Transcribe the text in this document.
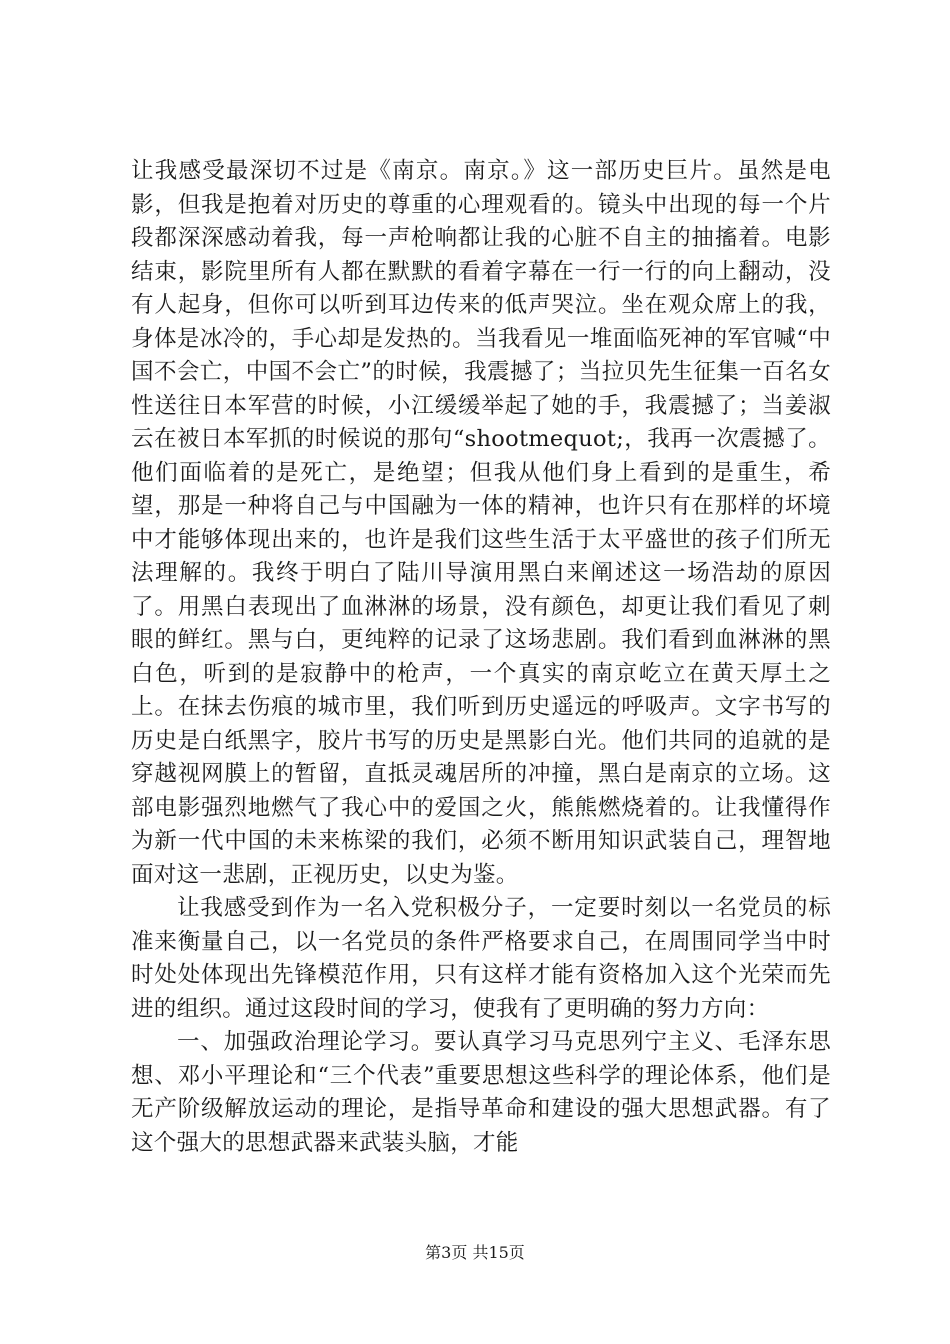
让我感受最深切不过是《南京。南京。》这一部历史巨片。虽然是电影，但我是抱着对历史的尊重的心理观看的。镜头中出现的每一个片段都深深感动着我，每一声枪响都让我的心脏不自主的抽搐着。电影结束，影院里所有人都在默默的看着字幕在一行一行的向上翻动，没有人起身，但你可以听到耳边传来的低声哭泣。坐在观众席上的我，身体是冰冷的，手心却是发热的。当我看见一堆面临死神的军官喊“中国不会亡，中国不会亡”的时候，我震撼了；当拉贝先生征集一百名女性送往日本军营的时候，小江缓缓举起了她的手，我震撼了；当姜淑云在被日本军抓的时候说的那句“shootmequot;，我再一次震撼了。他们面临着的是死亡，是绝望；但我从他们身上看到的是重生，希望，那是一种将自己与中国融为一体的精神，也许只有在那样的坏境中才能够体现出来的，也许是我们这些生活于太平盛世的孩子们所无法理解的。我终于明白了陆川导演用黑白来阐述这一场浩劫的原因了。用黑白表现出了血淋淋的场景，没有颜色，却更让我们看见了刺眼的鲜红。黑与白，更纯粹的记录了这场悲剧。我们看到血淋淋的黑白色，听到的是寂静中的枪声，一个真实的南京屹立在黄天厚土之上。在抹去伤痕的城市里，我们听到历史遥远的呼吸声。文字书写的历史是白纸黑字，胶片书写的历史是黑影白光。他们共同的追就的是穿越视网膜上的暂留，直抵灵魂居所的冲撞，黑白是南京的立场。这部电影强烈地燃气了我心中的爱国之火，熊熊燃烧着的。让我懂得作为新一代中国的未来栋梁的我们，必须不断用知识武装自己，理智地面对这一悲剧，正视历史，以史为鉴。

让我感受到作为一名入党积极分子，一定要时刻以一名党员的标准来衡量自己，以一名党员的条件严格要求自己，在周围同学当中时时处处体现出先锋模范作用，只有这样才能有资格加入这个光荣而先进的组织。通过这段时间的学习，使我有了更明确的努力方向：

一、加强政治理论学习。要认真学习马克思列宁主义、毛泽东思想、邓小平理论和“三个代表”重要思想这些科学的理论体系，他们是无产阶级解放运动的理论，是指导革命和建设的强大思想武器。有了这个强大的思想武器来武装头脑，才能

第3页 共15页
